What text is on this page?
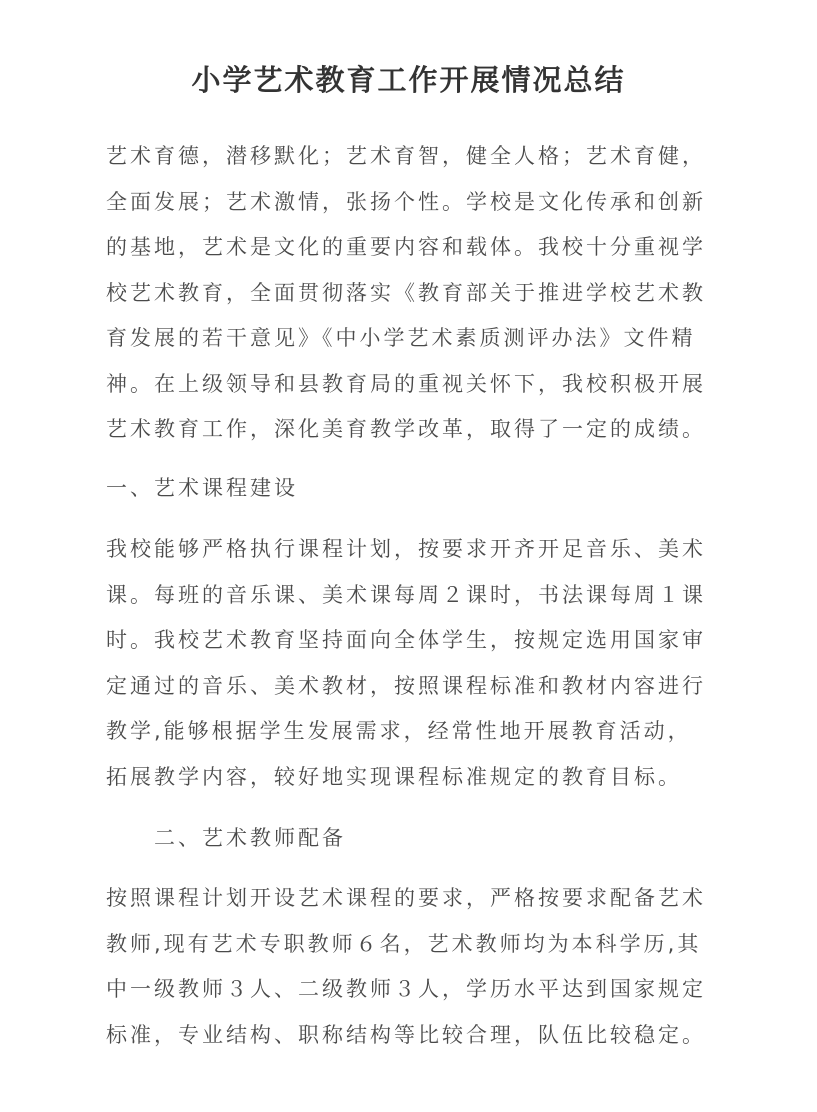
小学艺术教育工作开展情况总结

艺术育德，潜移默化；艺术育智，健全人格；艺术育健，全面发展；艺术激情，张扬个性。学校是文化传承和创新的基地，艺术是文化的重要内容和载体。我校十分重视学校艺术教育，全面贯彻落实《教育部关于推进学校艺术教育发展的若干意见》《中小学艺术素质测评办法》文件精神。在上级领导和县教育局的重视关怀下，我校积极开展艺术教育工作，深化美育教学改革，取得了一定的成绩。

一、艺术课程建设

我校能够严格执行课程计划，按要求开齐开足音乐、美术课。每班的音乐课、美术课每周２课时，书法课每周１课时。我校艺术教育坚持面向全体学生，按规定选用国家审定通过的音乐、美术教材，按照课程标准和教材内容进行教学,能够根据学生发展需求，经常性地开展教育活动，拓展教学内容，较好地实现课程标准规定的教育目标。

二、艺术教师配备

按照课程计划开设艺术课程的要求，严格按要求配备艺术教师,现有艺术专职教师６名，艺术教师均为本科学历,其中一级教师３人、二级教师３人，学历水平达到国家规定标准，专业结构、职称结构等比较合理，队伍比较稳定。
